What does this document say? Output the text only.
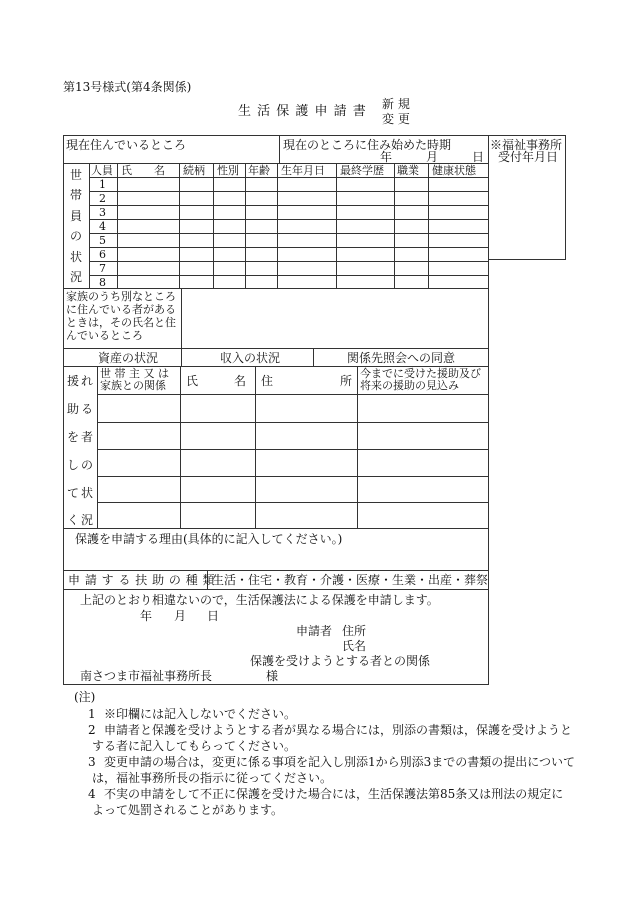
第13号様式(第4条関係)
生 活 保 護 申 請 書 新 規
変 更
現在住んでいるところ	現在のところに住み始めた時期
年	月	日
※福祉事務所
受付年月日
世
帯
員
の
状
況
人員 氏　　名 続柄 性別 年齢 生年月日 最終学歴 職業 健康状態
1
2
3
4
5
6
7
8
家族のうち別なところに住んでいる者があるときは，その氏名と住んでいるところ
資産の状況	収入の状況	関係先照会への同意
援 れ
助 る
を 者
し の
て 状
く 況
世 帯 主 又 は 家族との関係	氏　　　名 住	所
今までに受けた援助及び将来の援助の見込み
保護を申請する理由(具体的に記入してください。)
申 請 す る 扶 助 の 種 類
生活・住宅・教育・介護・医療・生業・出産・葬祭
上記のとおり相違ないので，生活保護法による保護を申請します。
年 月 日
申請者 住所
氏名
保護を受けようとする者との関係
南さつま市福祉事務所長	様
(注)
1 ※印欄には記入しないでください。
2 申請者と保護を受けようとする者が異なる場合には，別添の書類は，保護を受けようと
する者に記入してもらってください。
3 変更申請の場合は，変更に係る事項を記入し別添1から別添3までの書類の提出について
は，福祉事務所長の指示に従ってください。
4 不実の申請をして不正に保護を受けた場合には，生活保護法第85条又は刑法の規定に
よって処罰されることがあります。
